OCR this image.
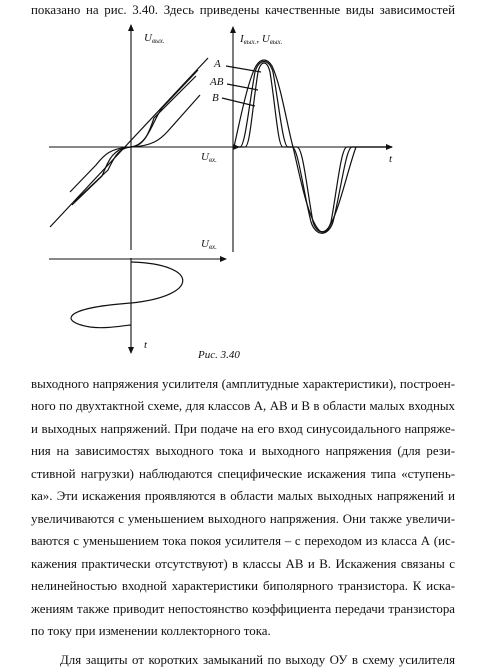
показано на рис. 3.40. Здесь приведены качественные виды зависимостей
Uвых.	Iвых., Uвых.
Uвх.
Uвх.
t
t
A
AB
B
Рис. 3.40
выходного напряжения усилителя (амплитудные характеристики), построен-
ного по двухтактной схеме, для классов А, АВ и В в области малых входных
и выходных напряжений. При подаче на его вход синусоидального напряже-
ния на зависимостях выходного тока и выходного напряжения (для рези-
стивной нагрузки) наблюдаются специфические искажения типа «ступень-
ка». Эти искажения проявляются в области малых выходных напряжений и
увеличиваются с уменьшением выходного напряжения. Они также увеличи-
ваются с уменьшением тока покоя усилителя – с переходом из класса А (ис-
кажения практически отсутствуют) в классы АВ и В. Искажения связаны с
нелинейностью входной характеристики биполярного транзистора. К иска-
жениям также приводит непостоянство коэффициента передачи транзистора
по току при изменении коллекторного тока.
Для защиты от коротких замыканий по выходу ОУ в схему усилителя
